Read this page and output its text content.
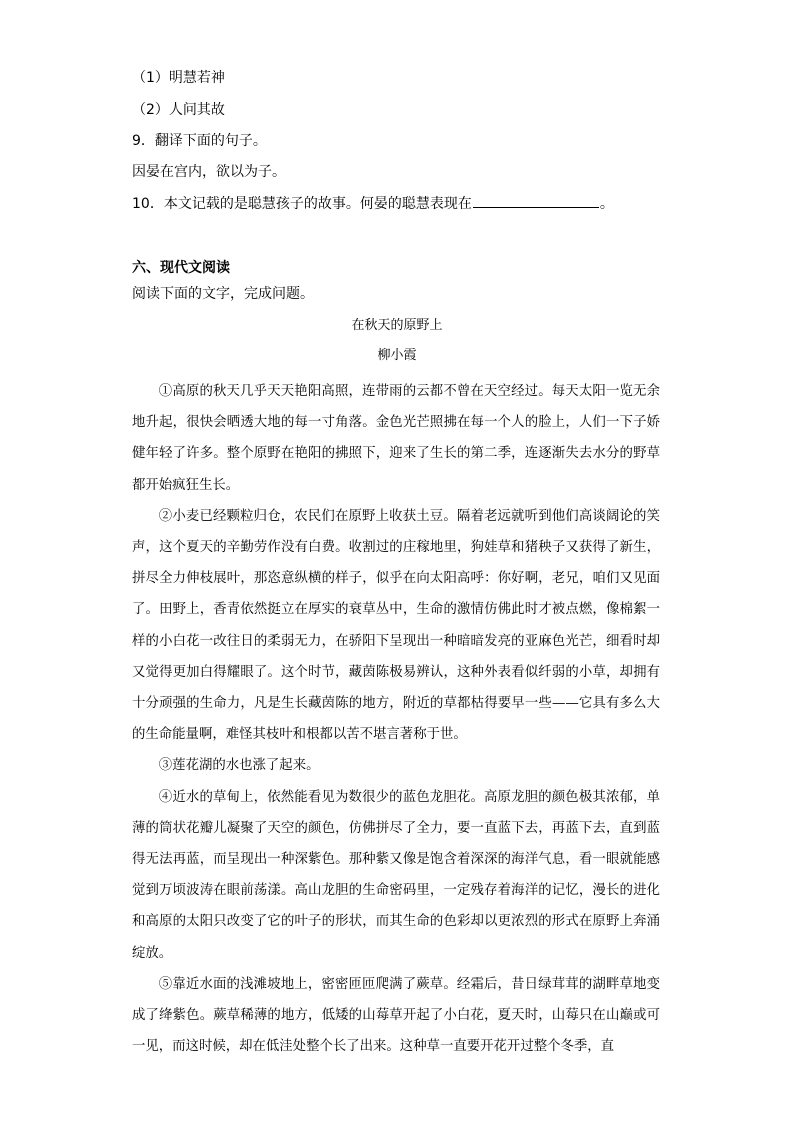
（1）明慧若神
（2）人问其故
9．翻译下面的句子。
因晏在宫内，欲以为子。
10．本文记载的是聪慧孩子的故事。何晏的聪慧表现在	。
六、现代文阅读
阅读下面的文字，完成问题。
在秋天的原野上
柳小霞

①高原的秋天几乎天天艳阳高照，连带雨的云都不曾在天空经过。每天太阳一览无余地升起，很快会晒透大地的每一寸角落。金色光芒照拂在每一个人的脸上，人们一下子娇健年轻了许多。整个原野在艳阳的拂照下，迎来了生长的第二季，连逐渐失去水分的野草都开始疯狂生长。

②小麦已经颗粒归仓，农民们在原野上收获土豆。隔着老远就听到他们高谈阔论的笑声，这个夏天的辛勤劳作没有白费。收割过的庄稼地里，狗娃草和猪秧子又获得了新生，拼尽全力伸枝展叶，那恣意纵横的样子，似乎在向太阳高呼：你好啊，老兄，咱们又见面了。田野上，香青依然挺立在厚实的衰草丛中，生命的激情仿佛此时才被点燃，像棉絮一样的小白花一改往日的柔弱无力，在骄阳下呈现出一种暗暗发亮的亚麻色光芒，细看时却又觉得更加白得耀眼了。这个时节，藏茵陈极易辨认，这种外表看似纤弱的小草，却拥有十分顽强的生命力，凡是生长藏茵陈的地方，附近的草都枯得要早一些——它具有多么大的生命能量啊，难怪其枝叶和根都以苦不堪言著称于世。

③莲花湖的水也涨了起来。

④近水的草甸上，依然能看见为数很少的蓝色龙胆花。高原龙胆的颜色极其浓郁，单薄的筒状花瓣儿凝聚了天空的颜色，仿佛拼尽了全力，要一直蓝下去，再蓝下去，直到蓝得无法再蓝，而呈现出一种深紫色。那种紫又像是饱含着深深的海洋气息，看一眼就能感觉到万顷波涛在眼前荡漾。高山龙胆的生命密码里，一定残存着海洋的记忆，漫长的进化和高原的太阳只改变了它的叶子的形状，而其生命的色彩却以更浓烈的形式在原野上奔涌绽放。

⑤靠近水面的浅滩坡地上，密密匝匝爬满了蕨草。经霜后，昔日绿茸茸的湖畔草地变成了绛紫色。蕨草稀薄的地方，低矮的山莓草开起了小白花，夏天时，山莓只在山巅或可一见，而这时候，却在低洼处整个长了出来。这种草一直要开花开过整个冬季，直
